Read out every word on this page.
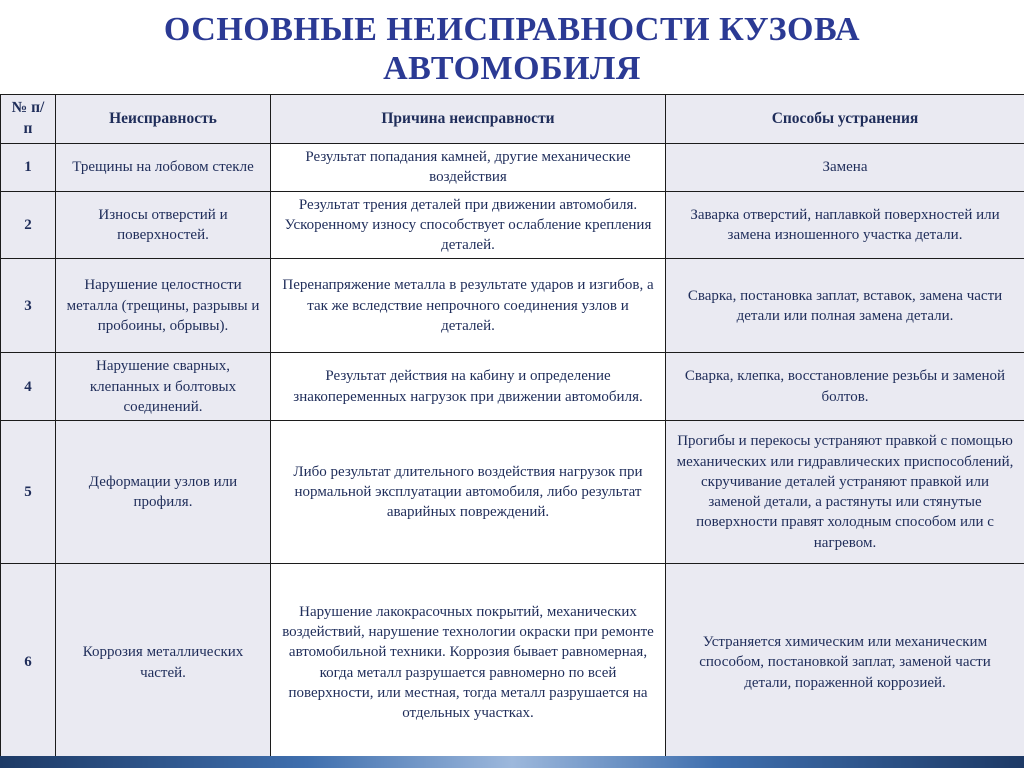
ОСНОВНЫЕ НЕИСПРАВНОСТИ КУЗОВА АВТОМОБИЛЯ
№ п/п	Неисправность	Причина неисправности	Способы устранения
1	Трещины на лобовом стекле	Результат попадания камней, другие механические воздействия	Замена
2	Износы отверстий и поверхностей.	Результат трения деталей при движении автомобиля. Ускоренному износу способствует ослабление крепления деталей.	Заварка отверстий, наплавкой поверхностей или замена изношенного участка детали.
3	Нарушение целостности металла (трещины, разрывы и пробоины, обрывы).	Перенапряжение металла в результате ударов и изгибов, а так же вследствие непрочного соединения узлов и деталей.	Сварка, постановка заплат, вставок, замена части детали или полная замена детали.
4	Нарушение сварных, клепанных и болтовых соединений.	Результат действия на кабину и определение знакопеременных нагрузок при движении автомобиля.	Сварка, клепка, восстановление резьбы и заменой болтов.
5	Деформации узлов или профиля.	Либо результат длительного воздействия нагрузок при нормальной эксплуатации автомобиля, либо результат аварийных повреждений.	Прогибы и перекосы устраняют правкой с помощью механических или гидравлических приспособлений, скручивание деталей устраняют правкой или заменой детали, а растянуты или стянутые поверхности правят холодным способом или с нагревом.
6	Коррозия металлических частей.	Нарушение лакокрасочных покрытий, механических воздействий, нарушение технологии окраски при ремонте автомобильной техники. Коррозия бывает равномерная, когда металл разрушается равномерно по всей поверхности, или местная, тогда металл разрушается на отдельных участках.	Устраняется химическим или механическим способом, постановкой заплат, заменой части детали, пораженной коррозией.
